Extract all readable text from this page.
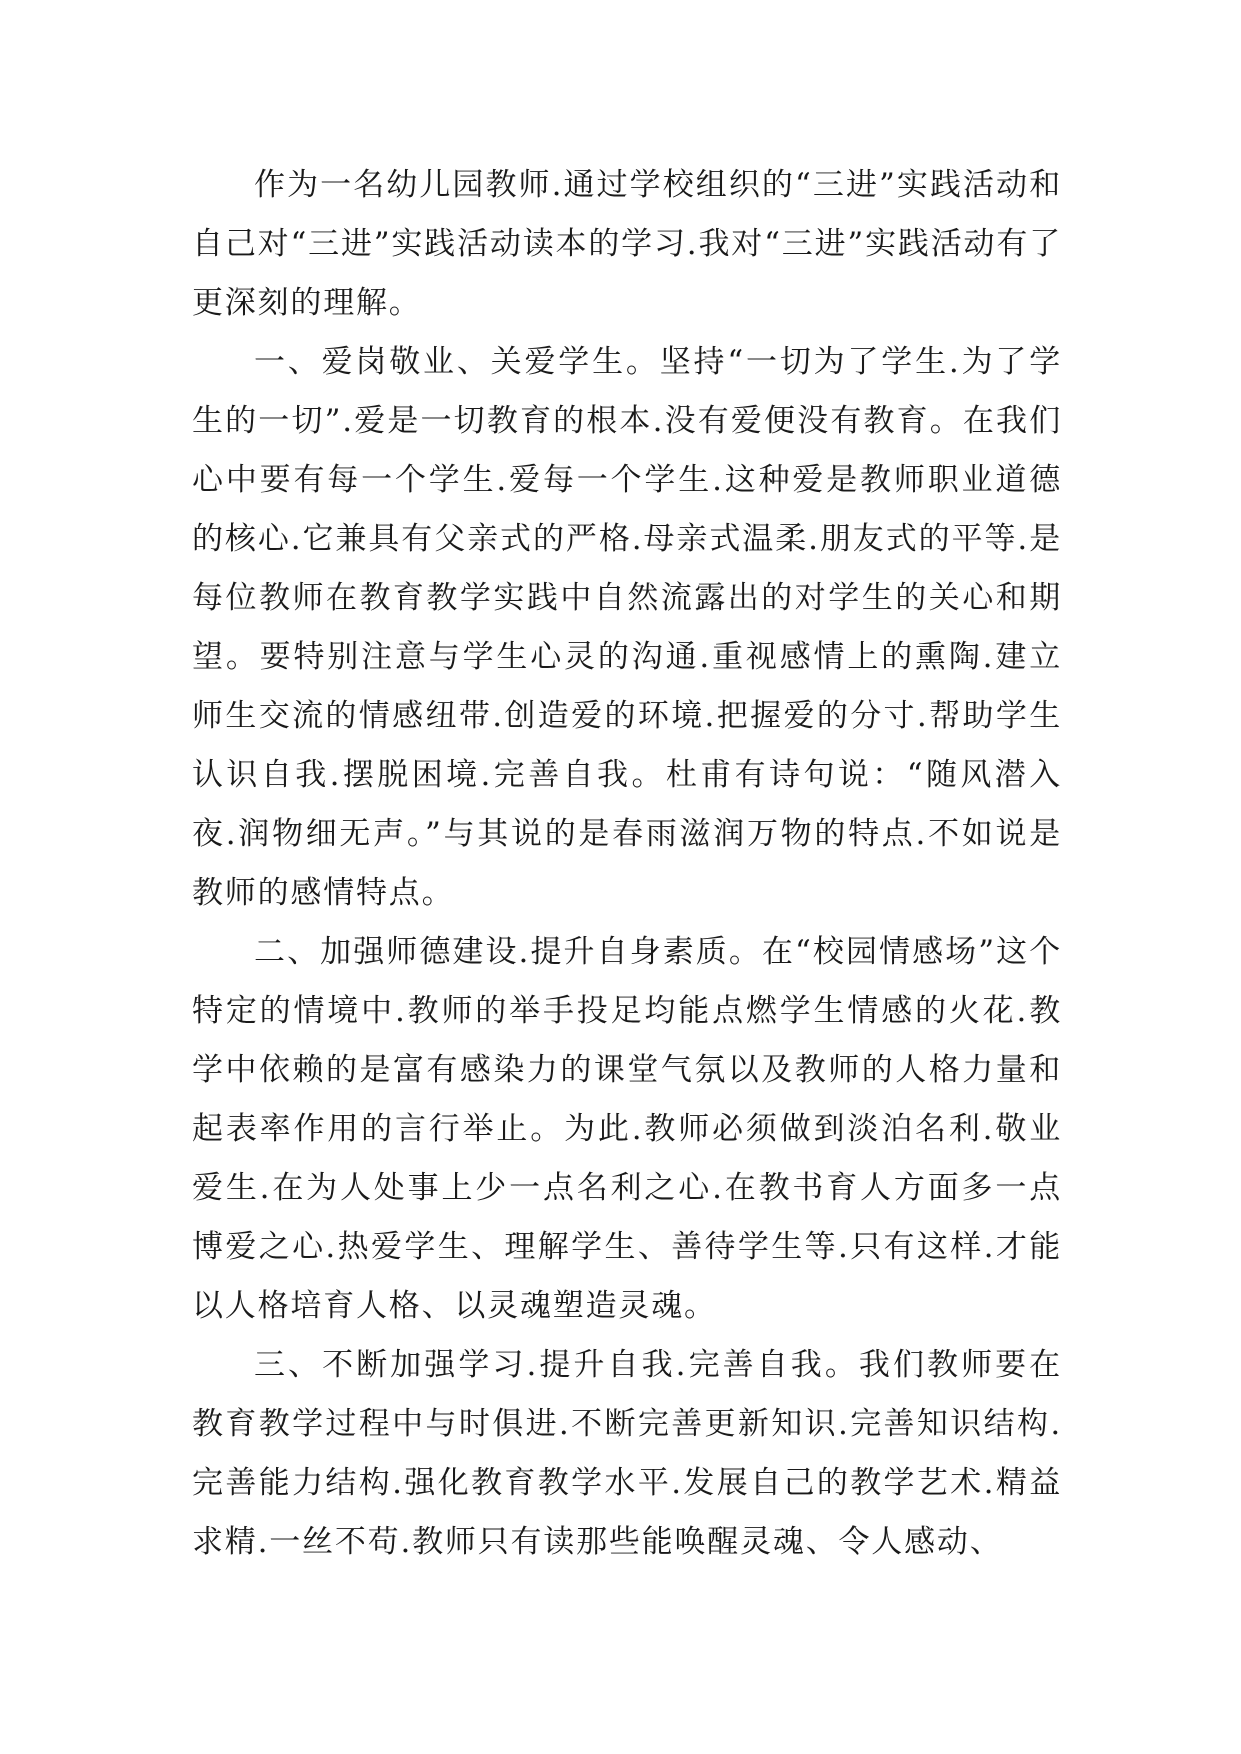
作为一名幼儿园教师.通过学校组织的“三进”实践活动和自己对“三进”实践活动读本的学习.我对“三进”实践活动有了更深刻的理解。

一、爱岗敬业、关爱学生。坚持“一切为了学生.为了学生的一切”.爱是一切教育的根本.没有爱便没有教育。在我们心中要有每一个学生.爱每一个学生.这种爱是教师职业道德的核心.它兼具有父亲式的严格.母亲式温柔.朋友式的平等.是每位教师在教育教学实践中自然流露出的对学生的关心和期望。要特别注意与学生心灵的沟通.重视感情上的熏陶.建立师生交流的情感纽带.创造爱的环境.把握爱的分寸.帮助学生认识自我.摆脱困境.完善自我。杜甫有诗句说：“随风潜入夜.润物细无声。”与其说的是春雨滋润万物的特点.不如说是教师的感情特点。

二、加强师德建设.提升自身素质。在“校园情感场”这个特定的情境中.教师的举手投足均能点燃学生情感的火花.教学中依赖的是富有感染力的课堂气氛以及教师的人格力量和起表率作用的言行举止。为此.教师必须做到淡泊名利.敬业爱生.在为人处事上少一点名利之心.在教书育人方面多一点博爱之心.热爱学生、理解学生、善待学生等.只有这样.才能以人格培育人格、以灵魂塑造灵魂。

三、不断加强学习.提升自我.完善自我。我们教师要在教育教学过程中与时俱进.不断完善更新知识.完善知识结构.完善能力结构.强化教育教学水平.发展自己的教学艺术.精益求精.一丝不苟.教师只有读那些能唤醒灵魂、令人感动、
